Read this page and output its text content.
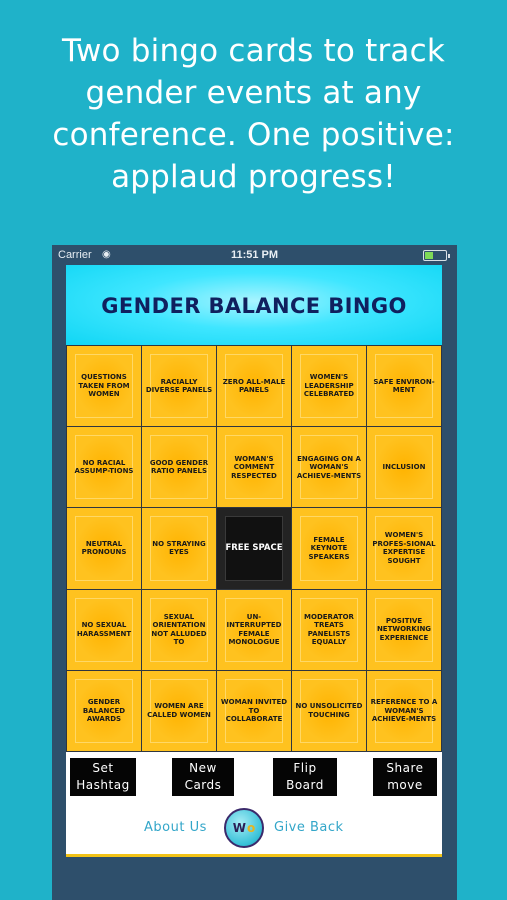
Two bingo cards to track
gender events at any
conference. One positive:
applaud progress!
Carrier ◉	11:51 PM
GENDER BALANCE BINGO
QUESTIONS TAKEN FROM WOMEN
RACIALLY DIVERSE PANELS
ZERO ALL-MALE PANELS
WOMEN'S LEADERSHIP CELEBRATED
SAFE ENVIRON-MENT
NO RACIAL ASSUMP-TIONS
GOOD GENDER RATIO PANELS
WOMAN'S COMMENT RESPECTED
ENGAGING ON A WOMAN'S ACHIEVE-MENTS
INCLUSION
NEUTRAL PRONOUNS
NO STRAYING EYES	FREE SPACE
FEMALE KEYNOTE SPEAKERS
WOMEN'S PROFES-SIONAL EXPERTISE SOUGHT
NO SEXUAL HARASSMENT
SEXUAL ORIENTATION NOT ALLUDED TO
UN-INTERRUPTED FEMALE MONOLOGUE
MODERATOR TREATS PANELISTS EQUALLY
POSITIVE NETWORKING EXPERIENCE
GENDER BALANCED AWARDS
WOMEN ARE CALLED WOMEN
WOMAN INVITED TO COLLABORATE
NO UNSOLICITED TOUCHING
REFERENCE TO A WOMAN'S ACHIEVE-MENTS
Set
Hashtag
New
Cards
Flip
Board
Share
move
About Us W o Give Back
